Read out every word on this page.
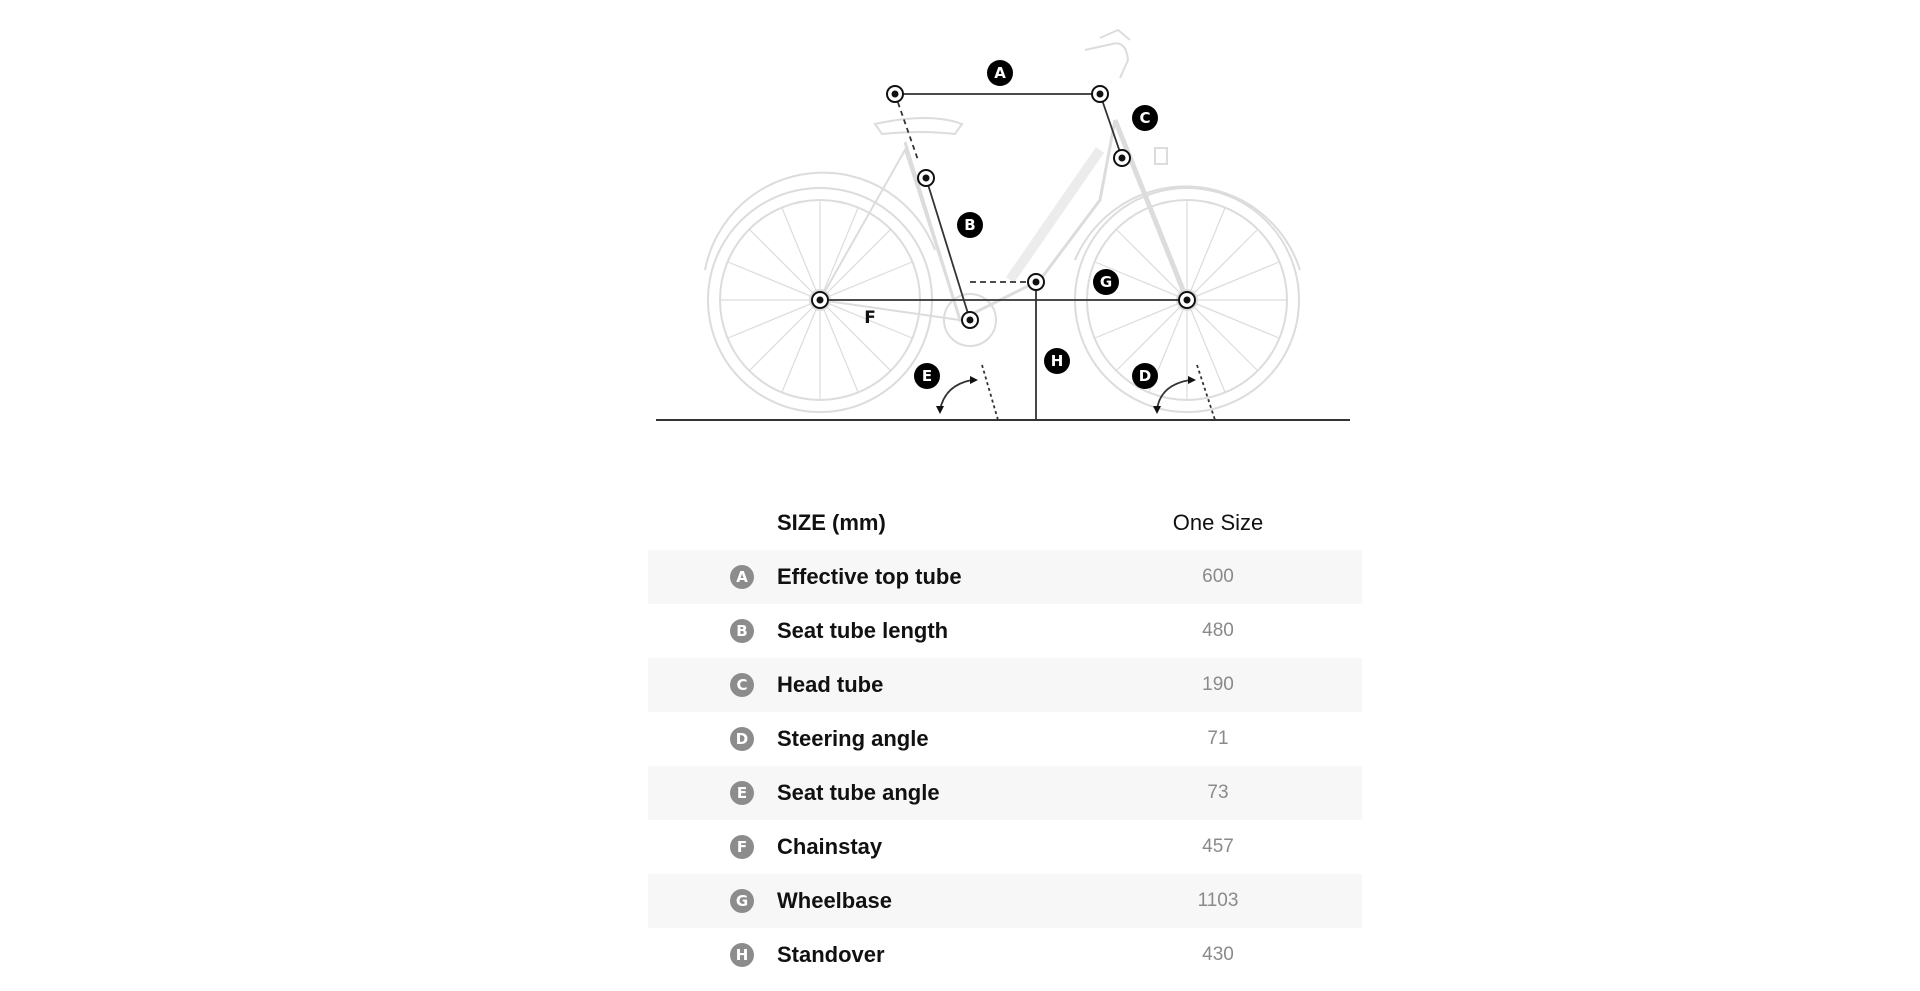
A
B
C
D
E
F
G
H
SIZE (mm)	One Size
A Effective top tube	600
B Seat tube length	480
C Head tube	190
D Steering angle	71
E	Seat tube angle	73
F	Chainstay	457
G Wheelbase	1103
H Standover	430
